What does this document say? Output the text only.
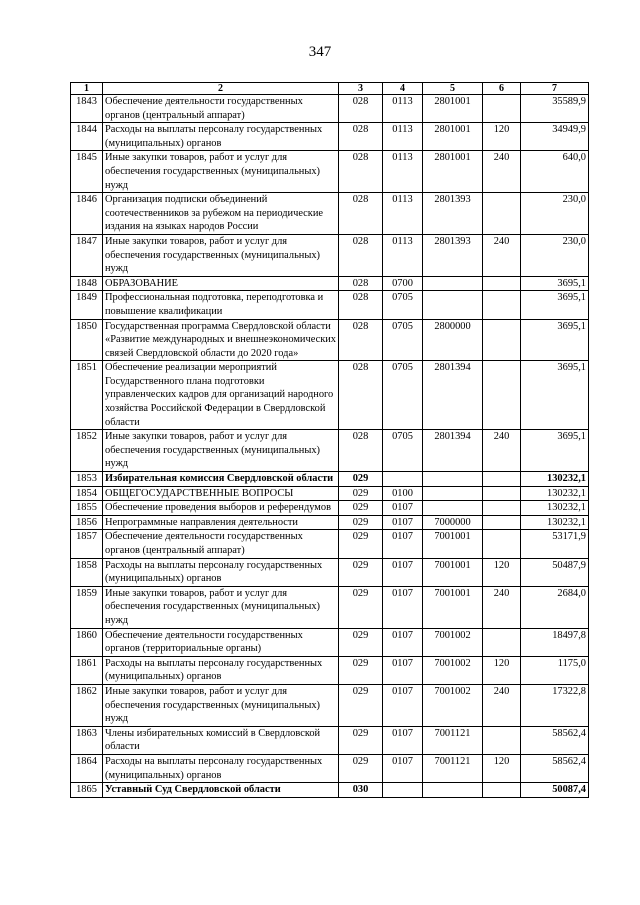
347
1	2	3	4	5	6	7
1843	Обеспечение деятельности государственных органов (центральный аппарат)	028	0113	2801001		35589,9
1844	Расходы на выплаты персоналу государственных (муниципальных) органов	028	0113	2801001	120	34949,9
1845	Иные закупки товаров, работ и услуг для обеспечения государственных (муниципальных) нужд	028	0113	2801001	240	640,0
1846	Организация подписки объединений соотечественников за рубежом на периодические издания на языках народов России	028	0113	2801393		230,0
1847	Иные закупки товаров, работ и услуг для обеспечения государственных (муниципальных) нужд	028	0113	2801393	240	230,0
1848	ОБРАЗОВАНИЕ	028	0700			3695,1
1849	Профессиональная подготовка, переподготовка и повышение квалификации	028	0705			3695,1
1850	Государственная программа Свердловской области «Развитие международных и внешнеэкономических связей Свердловской области до 2020 года»	028	0705	2800000		3695,1
1851	Обеспечение реализации мероприятий Государственного плана подготовки управленческих кадров для организаций народного хозяйства Российской Федерации в Свердловской области	028	0705	2801394		3695,1
1852	Иные закупки товаров, работ и услуг для обеспечения государственных (муниципальных) нужд	028	0705	2801394	240	3695,1
1853	Избирательная комиссия Свердловской области	029				130232,1
1854	ОБЩЕГОСУДАРСТВЕННЫЕ ВОПРОСЫ	029	0100			130232,1
1855	Обеспечение проведения выборов и референдумов	029	0107			130232,1
1856	Непрограммные направления деятельности	029	0107	7000000		130232,1
1857	Обеспечение деятельности государственных органов (центральный аппарат)	029	0107	7001001		53171,9
1858	Расходы на выплаты персоналу государственных (муниципальных) органов	029	0107	7001001	120	50487,9
1859	Иные закупки товаров, работ и услуг для обеспечения государственных (муниципальных) нужд	029	0107	7001001	240	2684,0
1860	Обеспечение деятельности государственных органов (территориальные органы)	029	0107	7001002		18497,8
1861	Расходы на выплаты персоналу государственных (муниципальных) органов	029	0107	7001002	120	1175,0
1862	Иные закупки товаров, работ и услуг для обеспечения государственных (муниципальных) нужд	029	0107	7001002	240	17322,8
1863	Члены избирательных комиссий в Свердловской области	029	0107	7001121		58562,4
1864	Расходы на выплаты персоналу государственных (муниципальных) органов	029	0107	7001121	120	58562,4
1865	Уставный Суд Свердловской области	030				50087,4
